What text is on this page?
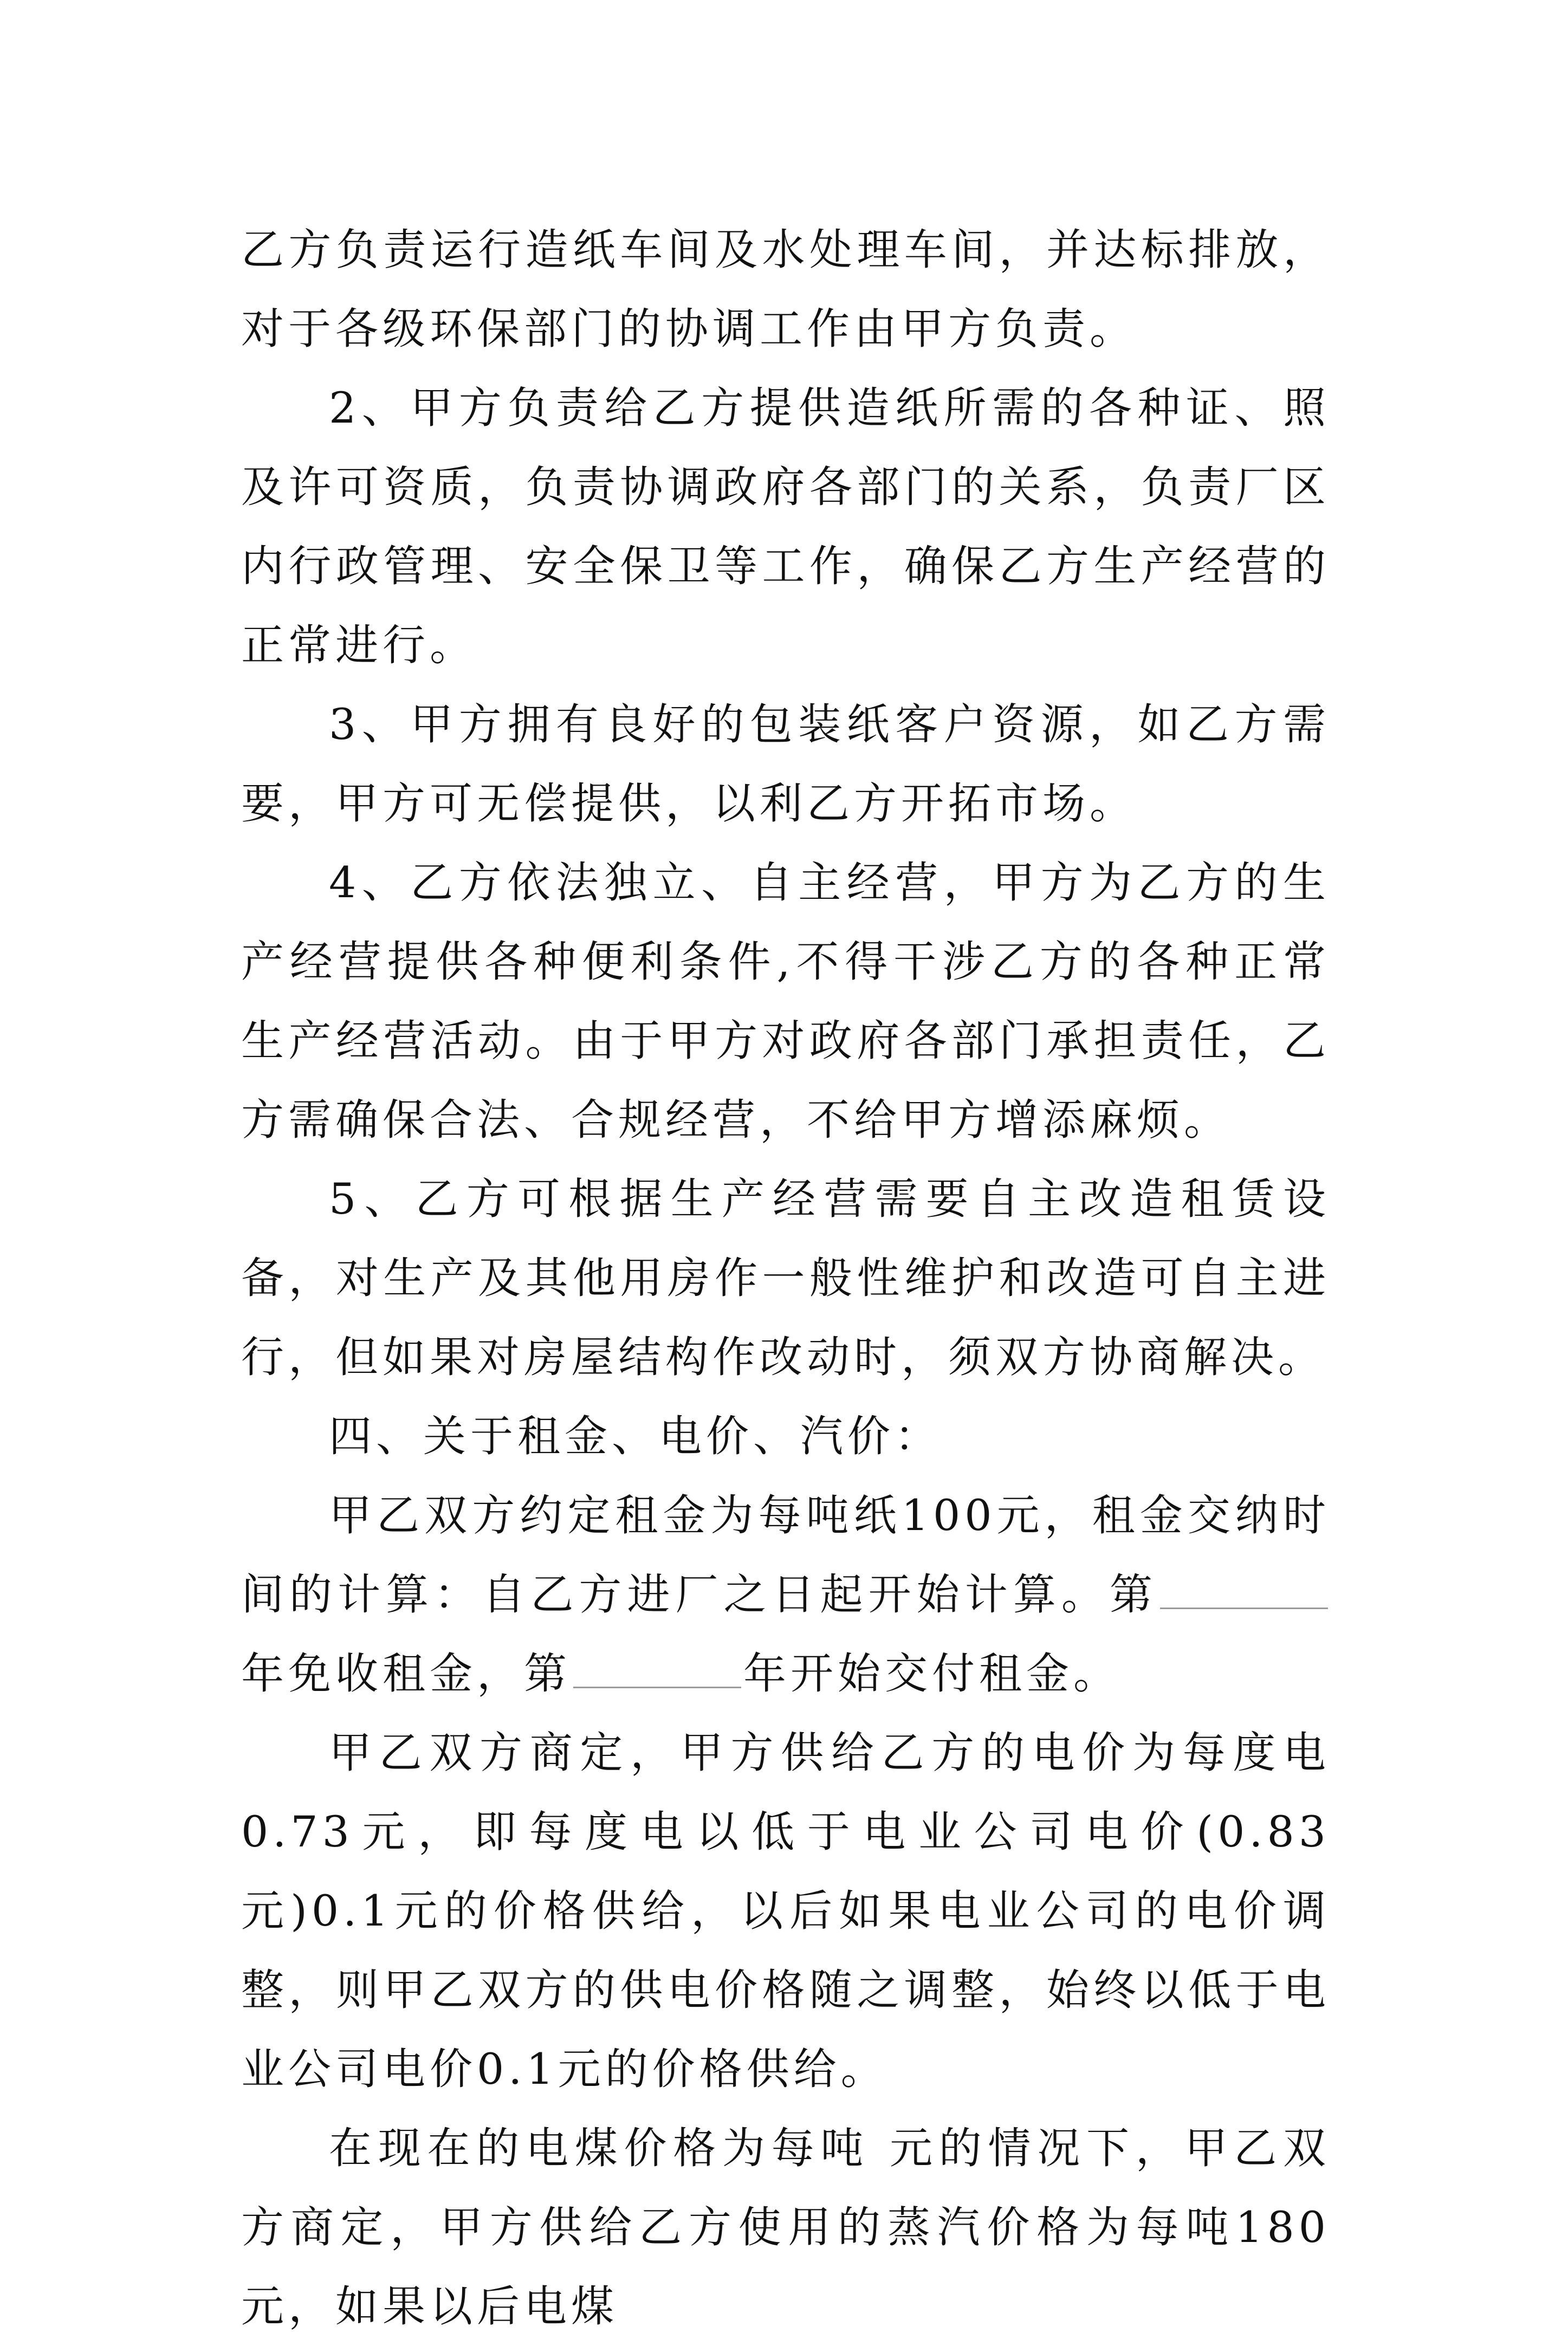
乙方负责运行造纸车间及水处理车间，并达标排放，对于各级环保部门的协调工作由甲方负责。

2、甲方负责给乙方提供造纸所需的各种证、照及许可资质，负责协调政府各部门的关系，负责厂区内行政管理、安全保卫等工作，确保乙方生产经营的正常进行。

3、甲方拥有良好的包装纸客户资源，如乙方需要，甲方可无偿提供，以利乙方开拓市场。

4、乙方依法独立、自主经营，甲方为乙方的生产经营提供各种便利条件,不得干涉乙方的各种正常生产经营活动。由于甲方对政府各部门承担责任，乙方需确保合法、合规经营，不给甲方增添麻烦。

5、乙方可根据生产经营需要自主改造租赁设备，对生产及其他用房作一般性维护和改造可自主进行，但如果对房屋结构作改动时，须双方协商解决。

四、关于租金、电价、汽价：

甲乙双方约定租金为每吨纸100元，租金交纳时间的计算：自乙方进厂之日起开始计算。第年免收租金，第	年开始交付租金。

甲乙双方商定，甲方供给乙方的电价为每度电0.73元，即每度电以低于电业公司电价(0.83元)0.1元的价格供给，以后如果电业公司的电价调整，则甲乙双方的供电价格随之调整，始终以低于电业公司电价0.1元的价格供给。

在现在的电煤价格为每吨 元的情况下，甲乙双方商定，甲方供给乙方使用的蒸汽价格为每吨180元，如果以后电煤
